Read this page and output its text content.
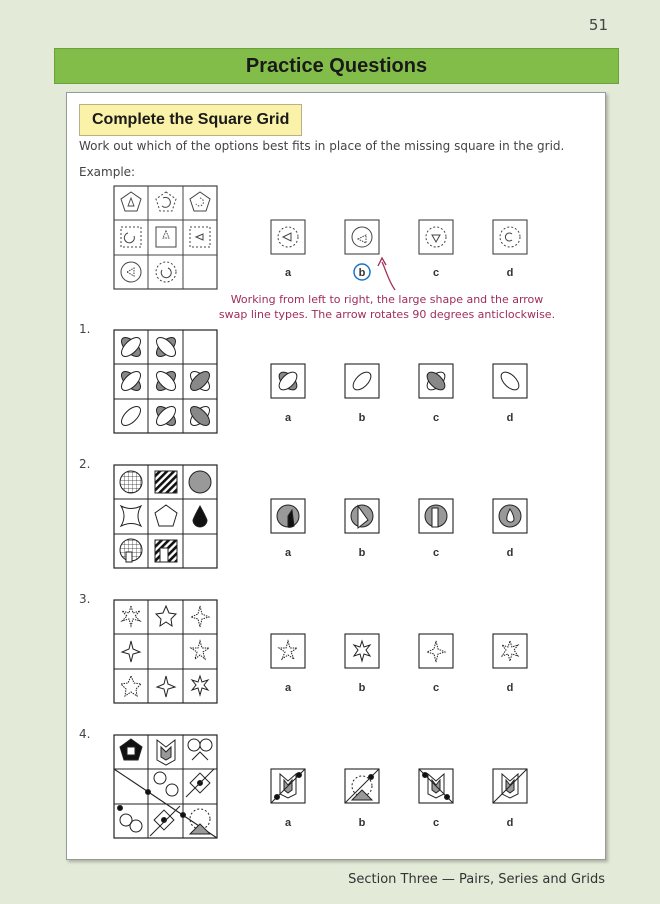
51
Practice Questions
Complete the Square Grid
Work out which of the options best fits in place of the missing square in the grid.
Example:
1.
2.
3.
4.
Working from left to right, the large shape and the arrow
swap line types. The arrow rotates 90 degrees anticlockwise.
a	b	c	d
a	b	c	d
a	b	c	d
a	b	c	d
a	b	c	d
Section Three — Pairs, Series and Grids
